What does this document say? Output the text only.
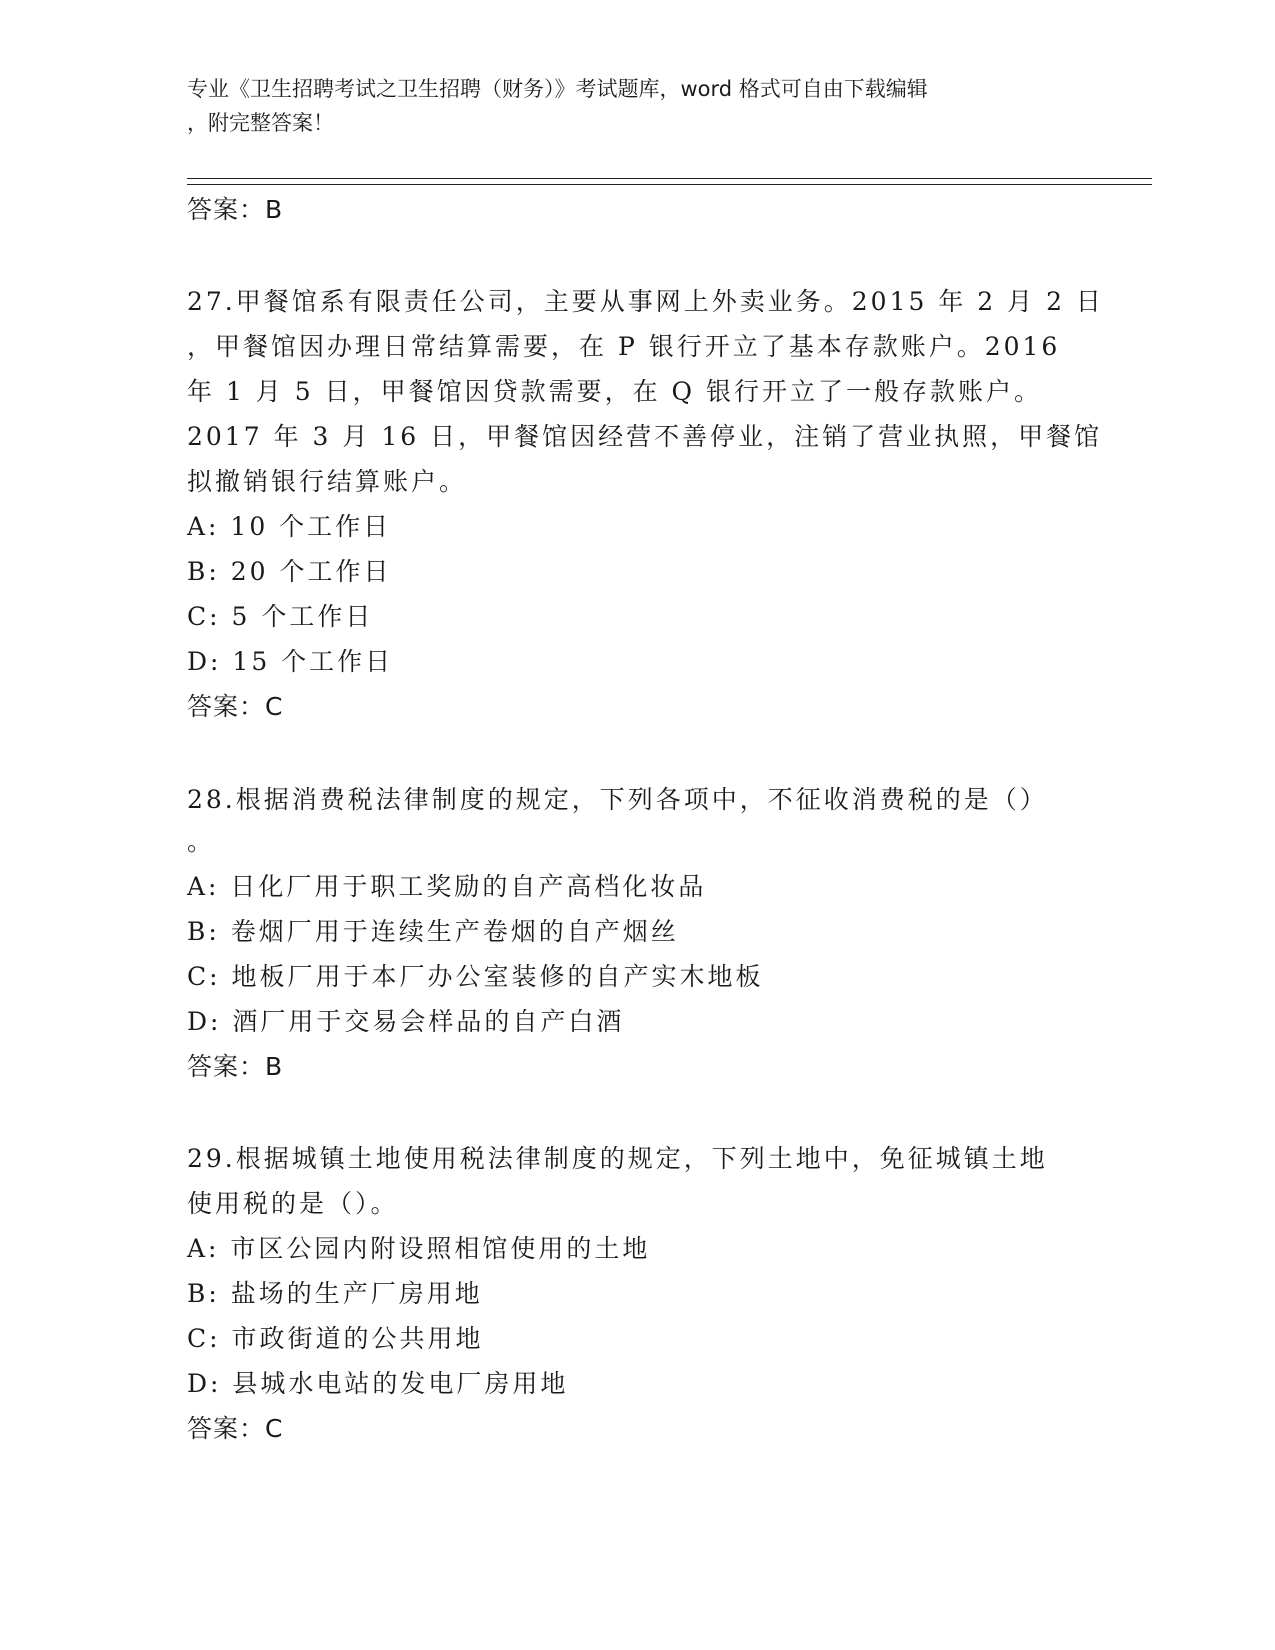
专业《卫生招聘考试之卫生招聘（财务）》考试题库，word 格式可自由下载编辑

，附完整答案！

答案：B

27.甲餐馆系有限责任公司，主要从事网上外卖业务。2015 年 2 月 2 日

，甲餐馆因办理日常结算需要，在 P 银行开立了基本存款账户。2016

年 1 月 5 日，甲餐馆因贷款需要，在 Q 银行开立了一般存款账户。

2017 年 3 月 16 日，甲餐馆因经营不善停业，注销了营业执照，甲餐馆

拟撤销银行结算账户。

A: 10 个工作日

B: 20 个工作日

C: 5 个工作日

D: 15 个工作日

答案：C

28.根据消费税法律制度的规定，下列各项中，不征收消费税的是（）

。

A: 日化厂用于职工奖励的自产高档化妆品

B: 卷烟厂用于连续生产卷烟的自产烟丝

C: 地板厂用于本厂办公室装修的自产实木地板

D: 酒厂用于交易会样品的自产白酒

答案：B

29.根据城镇土地使用税法律制度的规定，下列土地中，免征城镇土地

使用税的是（）。

A: 市区公园内附设照相馆使用的土地

B: 盐场的生产厂房用地

C: 市政街道的公共用地

D: 县城水电站的发电厂房用地

答案：C
